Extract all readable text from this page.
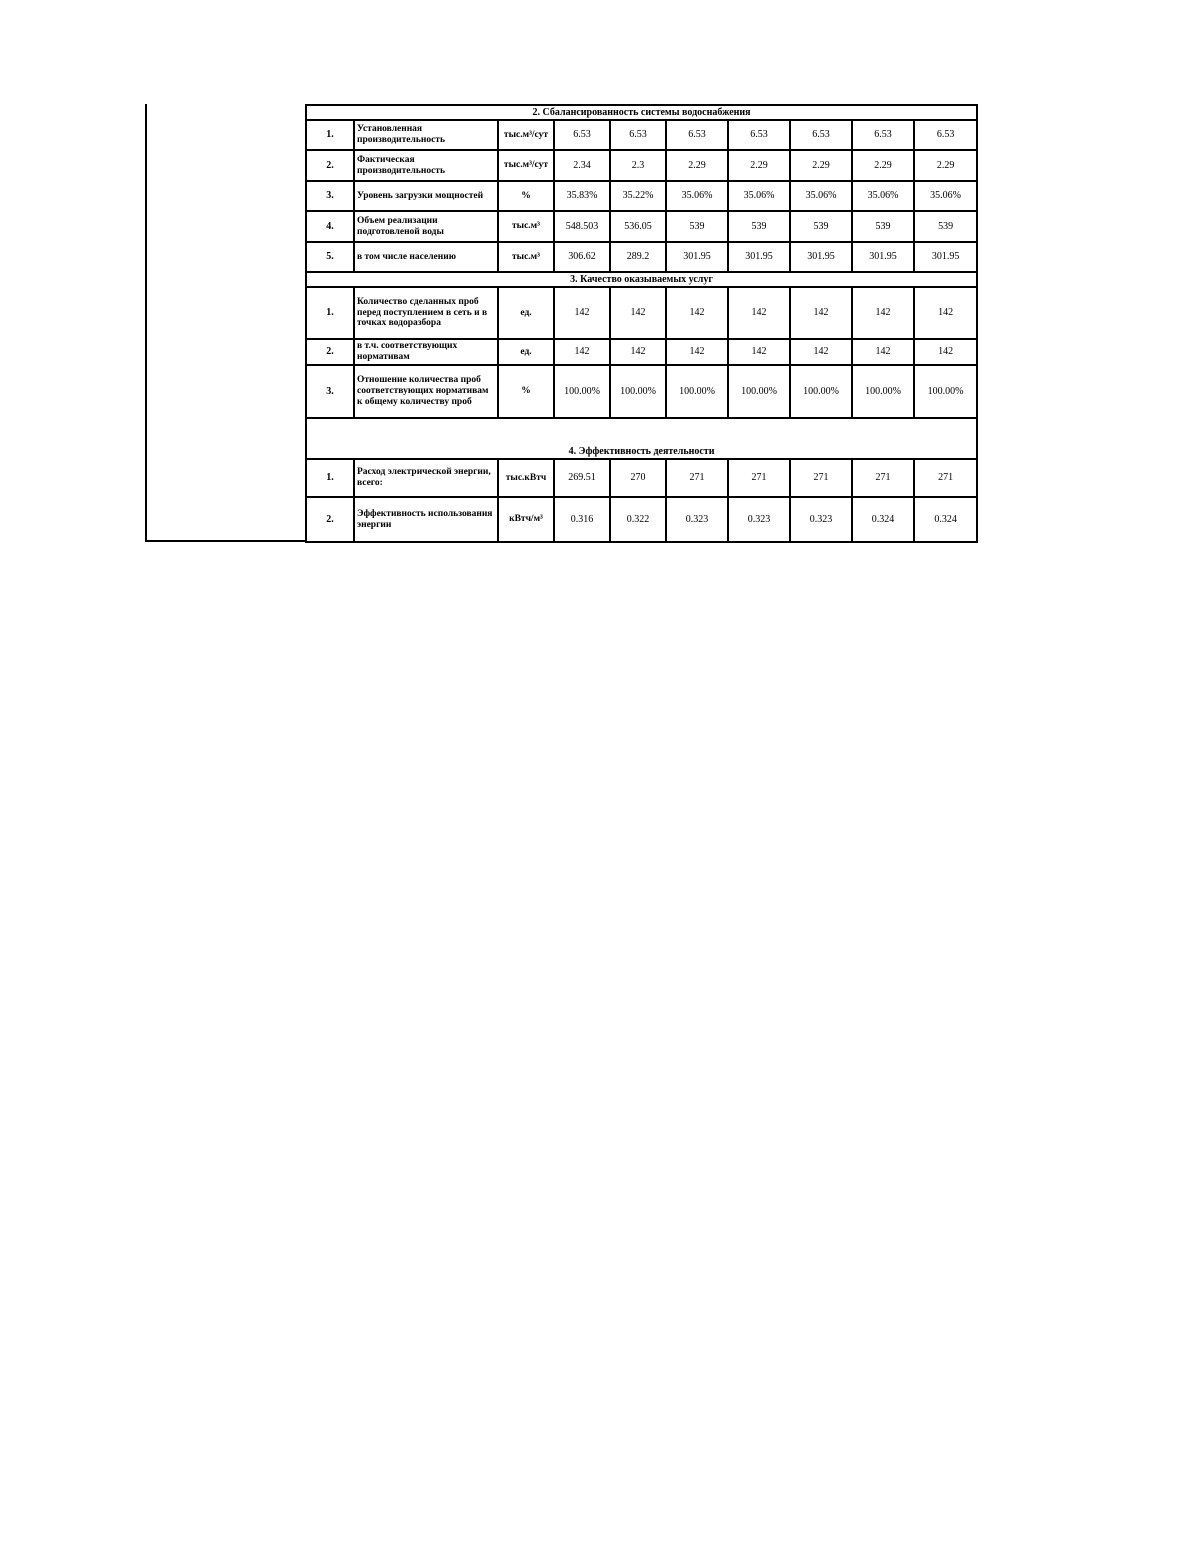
2. Сбалансированность системы водоснабжения									
1.	Установленная производительность	тыс.м³/сут	6.53	6.53	6.53	6.53	6.53	6.53	6.53
2.	Фактическая производительность	тыс.м³/сут	2.34	2.3	2.29	2.29	2.29	2.29	2.29
3.	Уровень загрузки мощностей	%	35.83%	35.22%	35.06%	35.06%	35.06%	35.06%	35.06%
4.	Объем реализации подготовленой воды	тыс.м³	548.503	536.05	539	539	539	539	539
5.	в том числе населению	тыс.м³	306.62	289.2	301.95	301.95	301.95	301.95	301.95
3. Качество оказываемых услуг									
1.	Количество сделанных проб перед поступлением в сеть и в точках водоразбора	ед.	142	142	142	142	142	142	142
2.	в т.ч. соответствующих нормативам	ед.	142	142	142	142	142	142	142
3.	Отношение количества проб соответствующих нормативам к общему количеству проб	%	100.00%	100.00%	100.00%	100.00%	100.00%	100.00%	100.00%
4. Эффективность деятельности									
1.	Расход электрической энергии, всего:	тыс.кВтч	269.51	270	271	271	271	271	271
2.	Эффективность использования энергии	кВтч/м³	0.316	0.322	0.323	0.323	0.323	0.324	0.324
